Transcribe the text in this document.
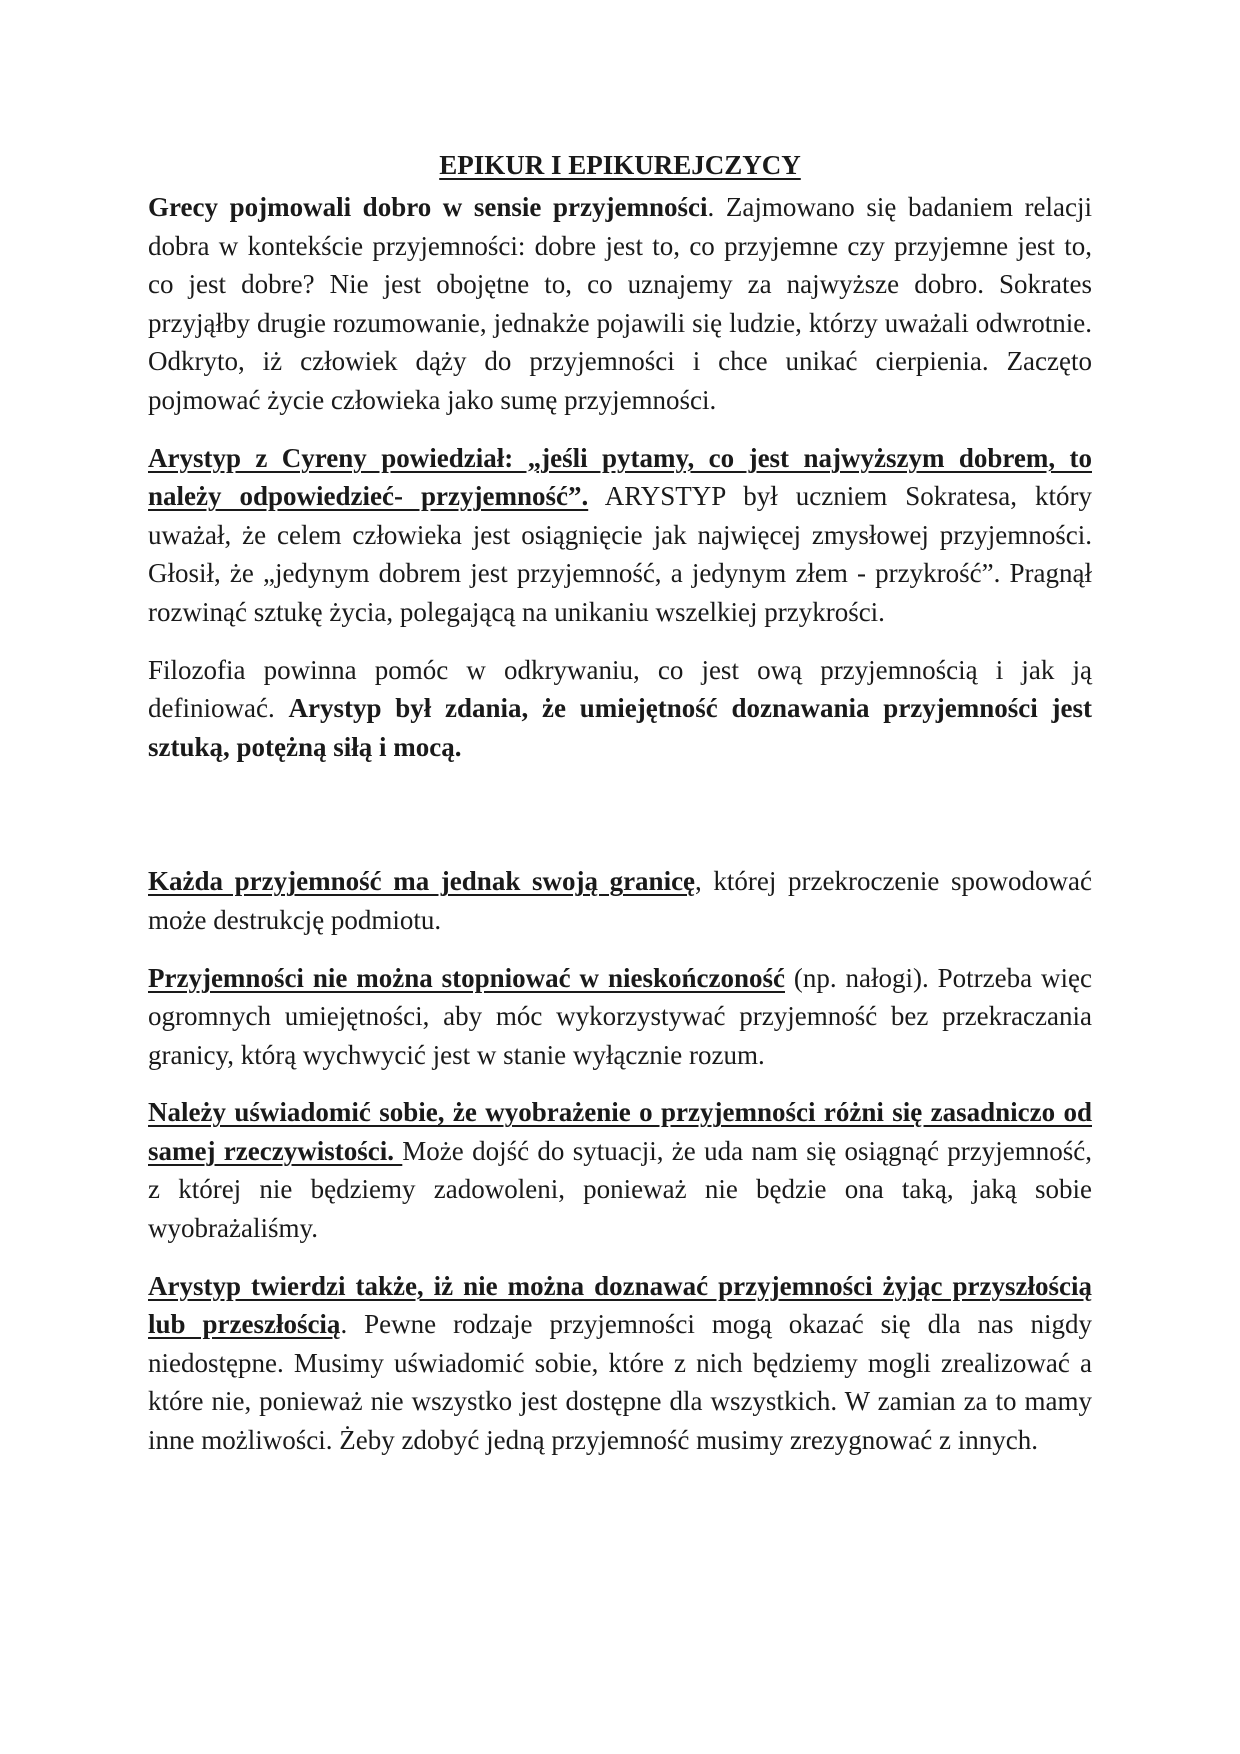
EPIKUR I EPIKUREJCZYCY

Grecy pojmowali dobro w sensie przyjemności. Zajmowano się badaniem relacji dobra w kontekście przyjemności: dobre jest to, co przyjemne czy przyjemne jest to, co jest dobre? Nie jest obojętne to, co uznajemy za najwyższe dobro. Sokrates przyjąłby drugie rozumowanie, jednakże pojawili się ludzie, którzy uważali odwrotnie. Odkryto, iż człowiek dąży do przyjemności i chce unikać cierpienia. Zaczęto pojmować życie człowieka jako sumę przyjemności.

Arystyp z Cyreny powiedział: „jeśli pytamy, co jest najwyższym dobrem, to należy odpowiedzieć- przyjemność”. ARYSTYP był uczniem Sokratesa, który uważał, że celem człowieka jest osiągnięcie jak najwięcej zmysłowej przyjemności. Głosił, że „jedynym dobrem jest przyjemność, a jedynym złem - przykrość”. Pragnął rozwinąć sztukę życia, polegającą na unikaniu wszelkiej przykrości.

Filozofia powinna pomóc w odkrywaniu, co jest ową przyjemnością i jak ją definiować. Arystyp był zdania, że umiejętność doznawania przyjemności jest sztuką, potężną siłą i mocą.

Każda przyjemność ma jednak swoją granicę, której przekroczenie spowodować może destrukcję podmiotu.

Przyjemności nie można stopniować w nieskończoność (np. nałogi). Potrzeba więc ogromnych umiejętności, aby móc wykorzystywać przyjemność bez przekraczania granicy, którą wychwycić jest w stanie wyłącznie rozum.

Należy uświadomić sobie, że wyobrażenie o przyjemności różni się zasadniczo od samej rzeczywistości. Może dojść do sytuacji, że uda nam się osiągnąć przyjemność, z której nie będziemy zadowoleni, ponieważ nie będzie ona taką, jaką sobie wyobrażaliśmy.

Arystyp twierdzi także, iż nie można doznawać przyjemności żyjąc przyszłością lub przeszłością. Pewne rodzaje przyjemności mogą okazać się dla nas nigdy niedostępne. Musimy uświadomić sobie, które z nich będziemy mogli zrealizować a które nie, ponieważ nie wszystko jest dostępne dla wszystkich. W zamian za to mamy inne możliwości. Żeby zdobyć jedną przyjemność musimy zrezygnować z innych.
